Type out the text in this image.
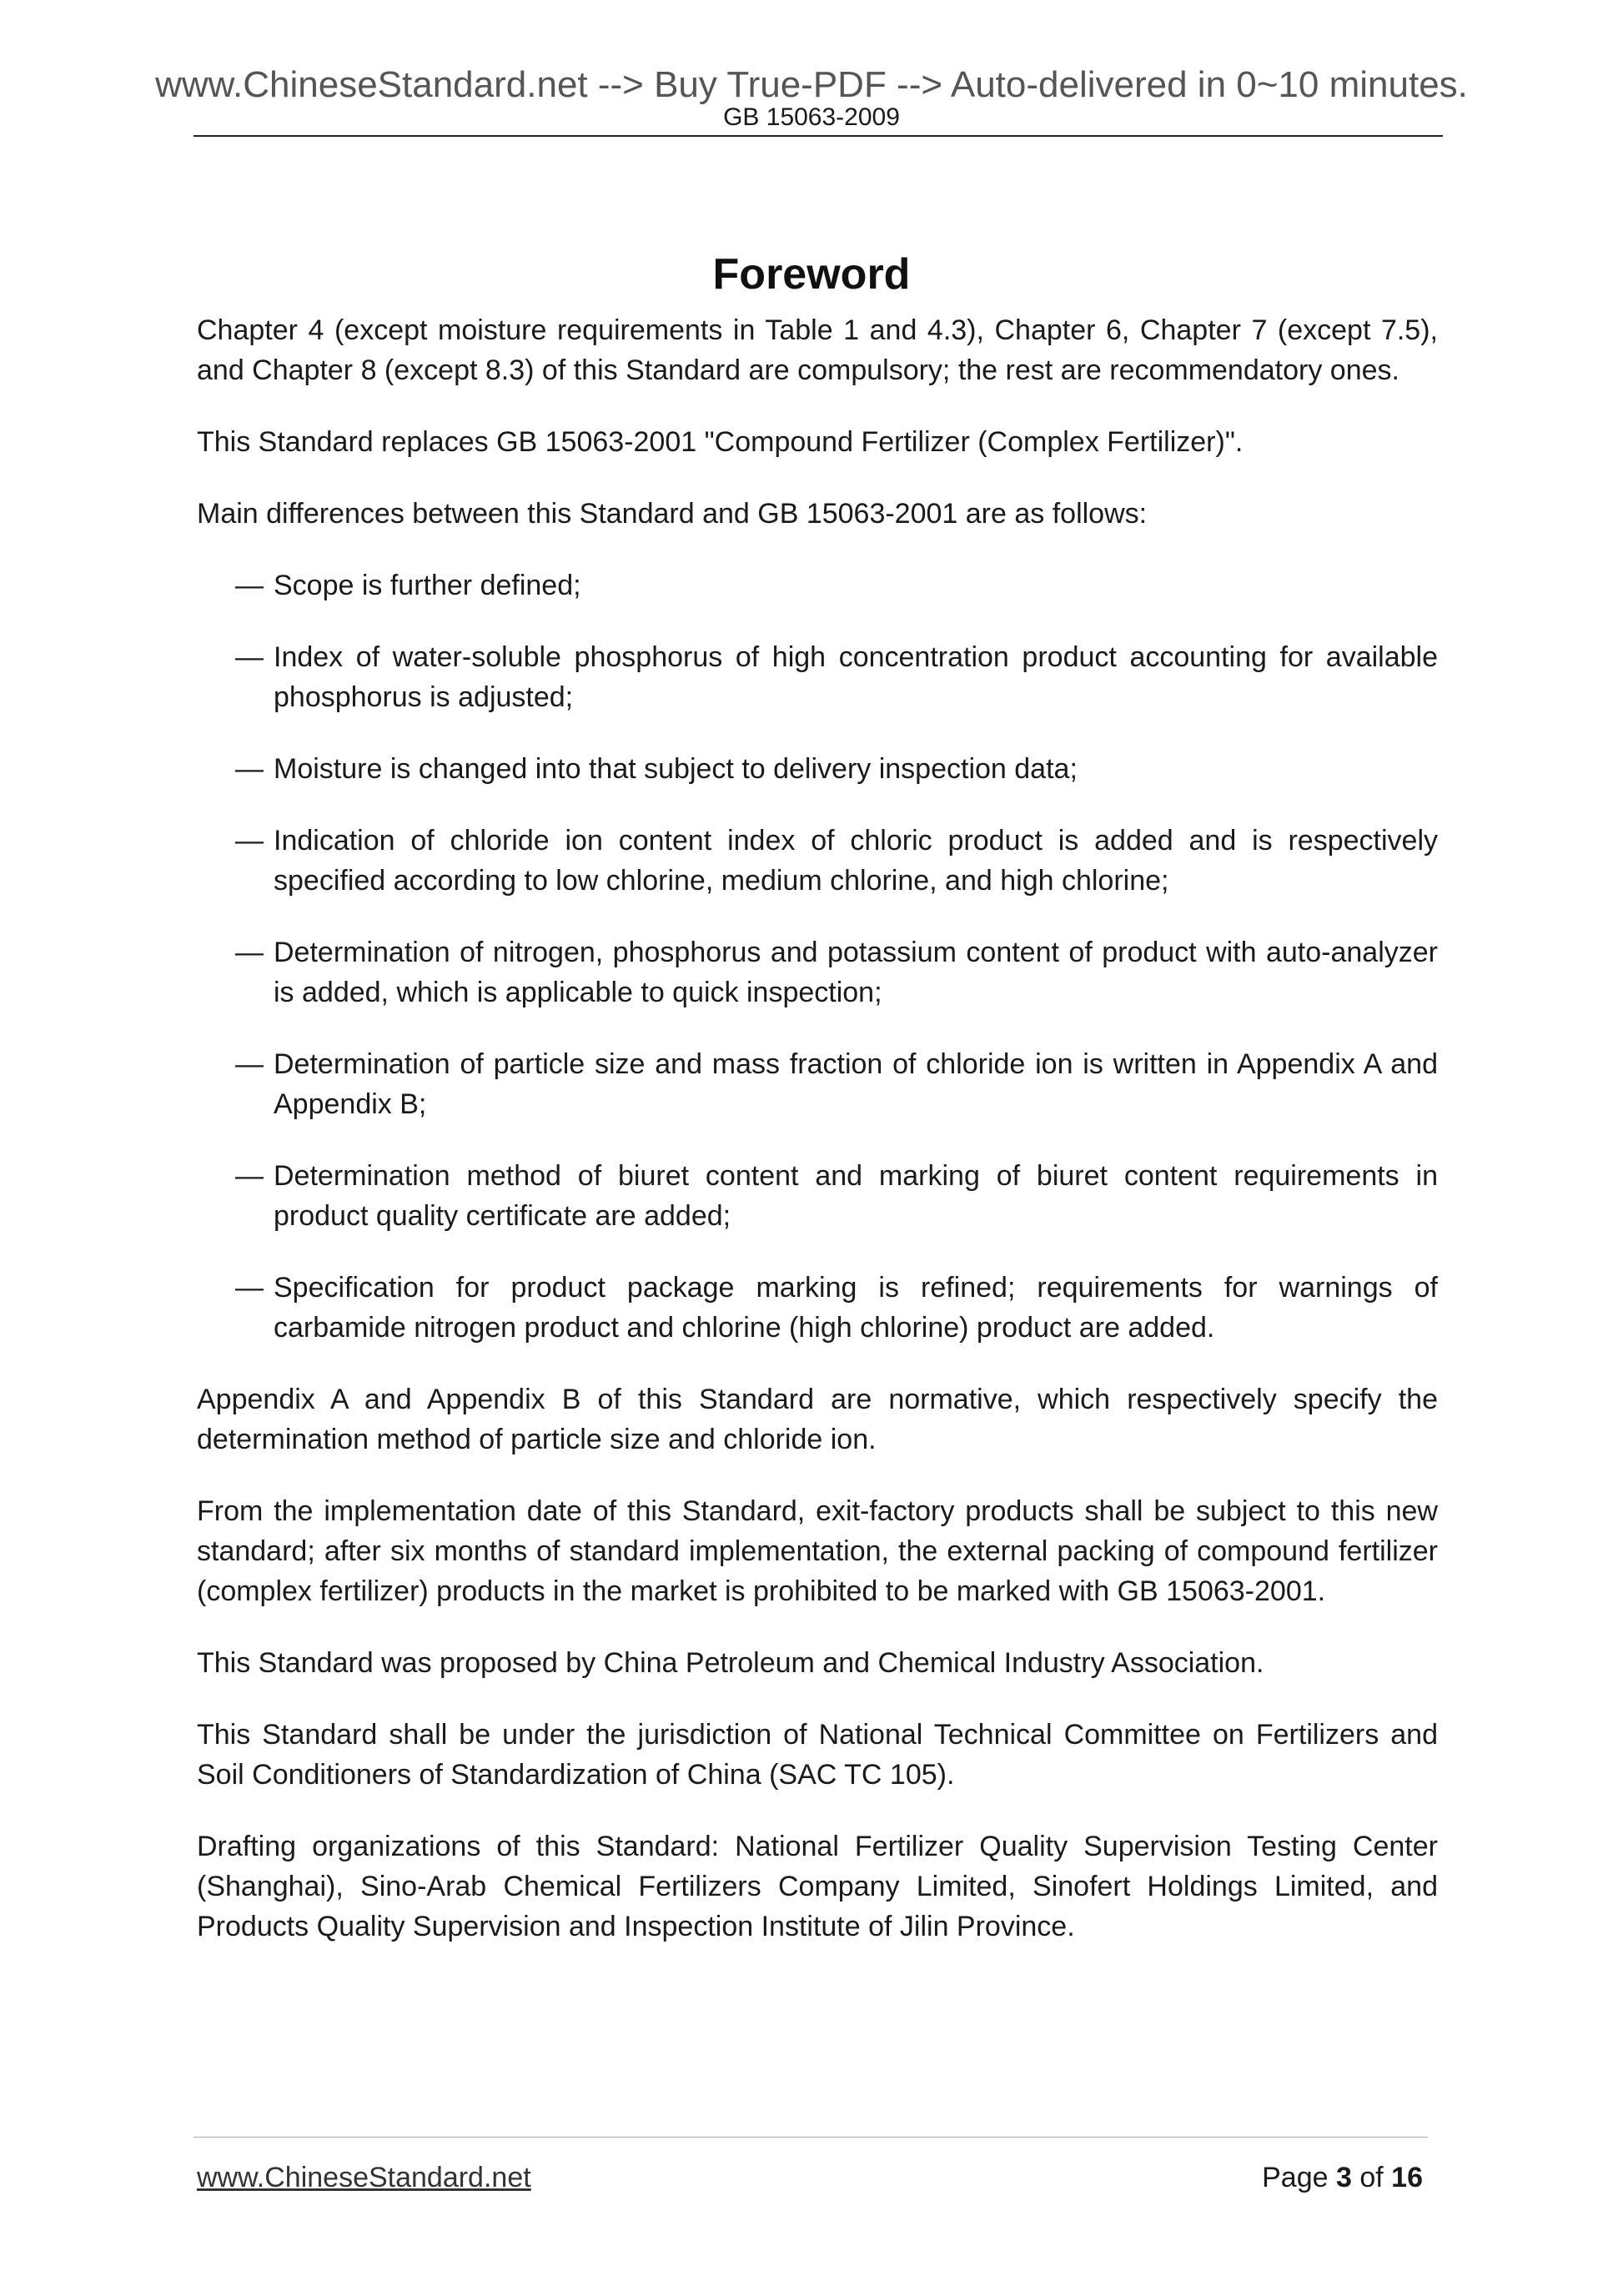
www.ChineseStandard.net --> Buy True-PDF --> Auto-delivered in 0~10 minutes.
GB 15063-2009
Foreword

Chapter 4 (except moisture requirements in Table 1 and 4.3), Chapter 6, Chapter 7 (except 7.5), and Chapter 8 (except 8.3) of this Standard are compulsory; the rest are recommendatory ones.

This Standard replaces GB 15063-2001 "Compound Fertilizer (Complex Fertilizer)".

Main differences between this Standard and GB 15063-2001 are as follows:

— Scope is further defined;
— Index of water-soluble phosphorus of high concentration product accounting for available phosphorus is adjusted;
— Moisture is changed into that subject to delivery inspection data;
— Indication of chloride ion content index of chloric product is added and is respectively specified according to low chlorine, medium chlorine, and high chlorine;
— Determination of nitrogen, phosphorus and potassium content of product with auto-analyzer is added, which is applicable to quick inspection;
— Determination of particle size and mass fraction of chloride ion is written in Appendix A and Appendix B;
— Determination method of biuret content and marking of biuret content requirements in product quality certificate are added;
— Specification for product package marking is refined; requirements for warnings of carbamide nitrogen product and chlorine (high chlorine) product are added.

Appendix A and Appendix B of this Standard are normative, which respectively specify the determination method of particle size and chloride ion.

From the implementation date of this Standard, exit-factory products shall be subject to this new standard; after six months of standard implementation, the external packing of compound fertilizer (complex fertilizer) products in the market is prohibited to be marked with GB 15063-2001.

This Standard was proposed by China Petroleum and Chemical Industry Association.

This Standard shall be under the jurisdiction of National Technical Committee on Fertilizers and Soil Conditioners of Standardization of China (SAC TC 105).

Drafting organizations of this Standard: National Fertilizer Quality Supervision Testing Center (Shanghai), Sino-Arab Chemical Fertilizers Company Limited, Sinofert Holdings Limited, and Products Quality Supervision and Inspection Institute of Jilin Province.

www.ChineseStandard.net	Page 3 of 16
